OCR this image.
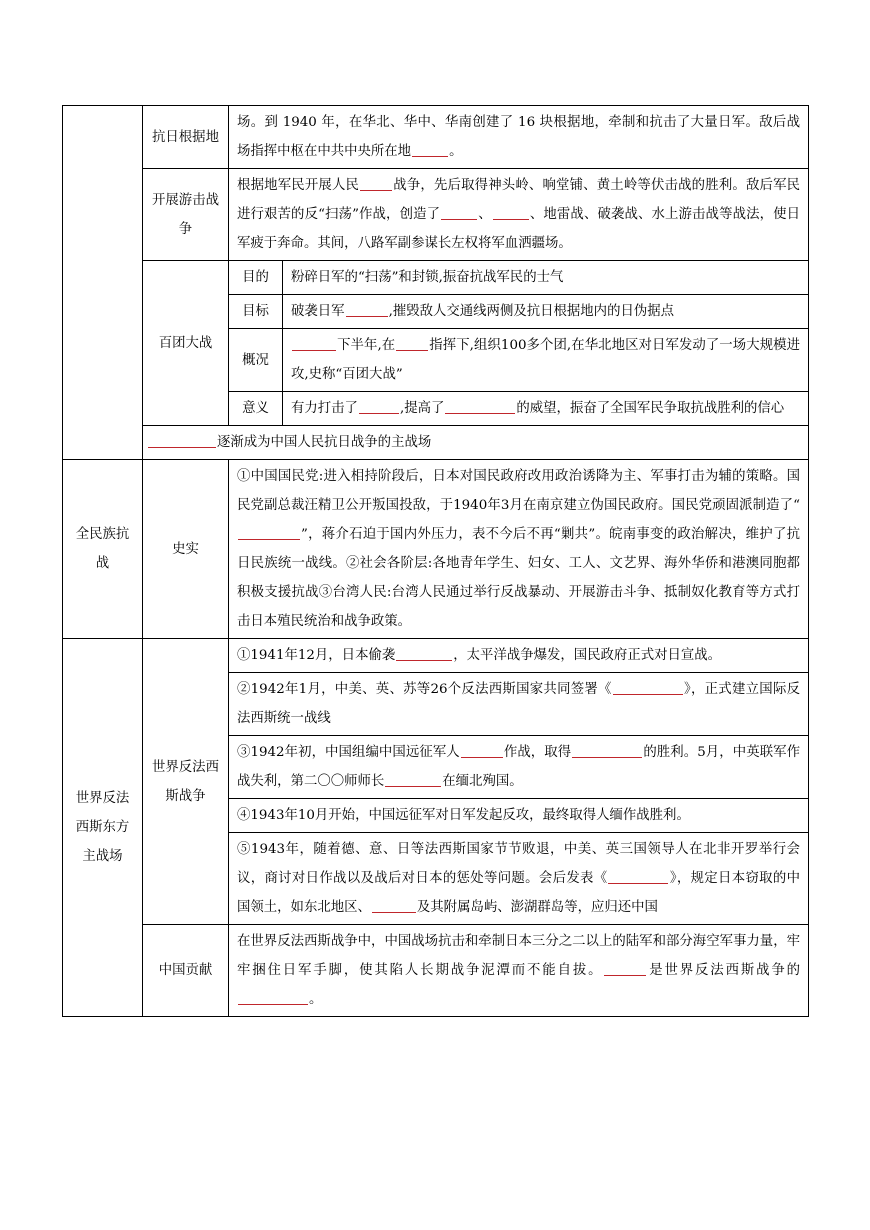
	抗日根据地	场。到 1940 年，在华北、华中、华南创建了 16 块根据地，牵制和抗击了大量日军。敌后战场指挥中枢在中共中央所在地 。	
	开展游击战争	根据地军民开展人民 战争，先后取得神头岭、响堂铺、黄土岭等伏击战的胜利。敌后军民进行艰苦的反“扫荡”作战，创造了 、 、地雷战、破袭战、水上游击战等战法，使日军疲于奔命。其间，八路军副参谋长左权将军血洒疆场。	
	百团大战	目的	粉碎日军的“扫荡”和封锁,振奋抗战军民的士气
		目标	破袭日军 ,摧毁敌人交通线两侧及抗日根据地内的日伪据点
		概况	下半年,在 指挥下,组织100多个团,在华北地区对日军发动了一场大规模进攻,史称“百团大战”
		意义	有力打击了 ,提高了 的威望，振奋了全国军民争取抗战胜利的信心
	逐渐成为中国人民抗日战争的主战场		
全民族抗战	史实	①中国国民党:进入相持阶段后，日本对国民政府改用政治诱降为主、军事打击为辅的策略。国民党副总裁汪精卫公开叛国投敌，于1940年3月在南京建立伪国民政府。国民党顽固派制造了“”，蒋介石迫于国内外压力，表不今后不再“剿共”。皖南事变的政治解决，维护了抗日民族统一战线。②社会各阶层:各地青年学生、妇女、工人、文艺界、海外华侨和港澳同胞都积极支援抗战③台湾人民:台湾人民通过举行反战暴动、开展游击斗争、抵制奴化教育等方式打击日本殖民统治和战争政策。	
世界反法西斯东方主战场	世界反法西斯战争	①1941年12月，日本偷袭 ，太平洋战争爆发，国民政府正式对日宣战。	
		②1942年1月，中美、英、苏等26个反法西斯国家共同签署《 》，正式建立国际反法西斯统一战线	
		③1942年初，中国组编中国远征军人 作战，取得 的胜利。5月，中英联军作战失利，第二〇〇师师长 在缅北殉国。	
		④1943年10月开始，中国远征军对日军发起反攻，最终取得人缅作战胜利。	
		⑤1943年，随着德、意、日等法西斯国家节节败退，中美、英三国领导人在北非开罗举行会议，商讨对日作战以及战后对日本的惩处等问题。会后发表《 》，规定日本窃取的中国领土，如东北地区、 及其附属岛屿、澎湖群岛等，应归还中国	
	中国贡献	在世界反法西斯战争中，中国战场抗击和牵制日本三分之二以上的陆军和部分海空军事力量，牢牢捆住日军手脚，使其陷人长期战争泥潭而不能自拔。 是世界反法西斯战争的。	
